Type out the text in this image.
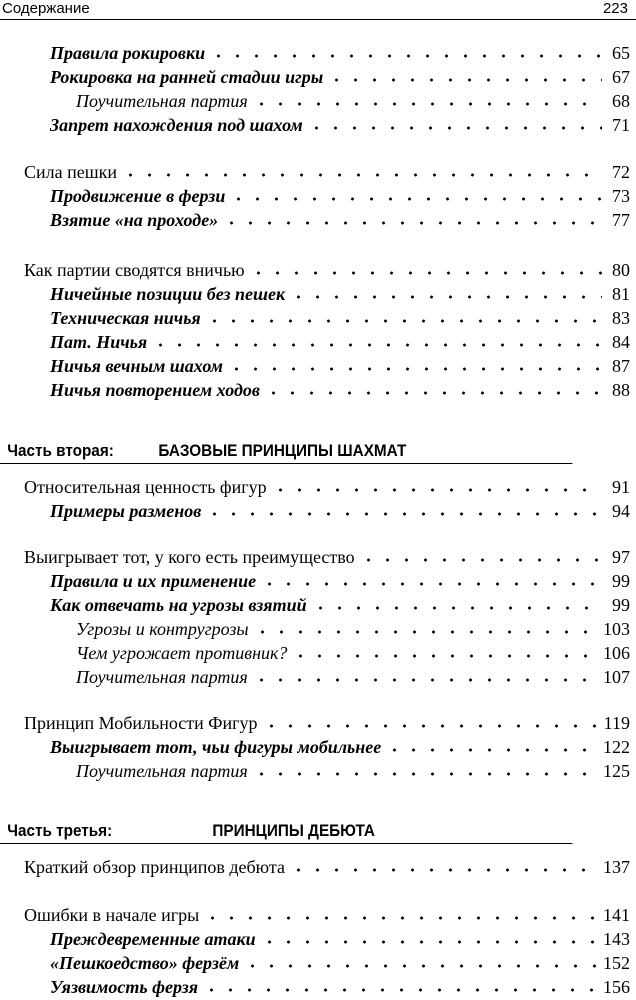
Содержание	223
Правила рокировки	65
Рокировка на ранней стадии игры	67
Поучительная партия	68
Запрет нахождения под шахом	71
Сила пешки	72
Продвижение в ферзи	73
Взятие «на проходе»	77
Как партии сводятся вничью	80
Ничейные позиции без пешек	81
Техническая ничья	83
Пат. Ничья	84
Ничья вечным шахом	87
Ничья повторением ходов	88
Часть вторая:	БАЗОВЫЕ ПРИНЦИПЫ ШАХМАТ
Относительная ценность фигур	91
Примеры разменов	94
Выигрывает тот, у кого есть преимущество	97
Правила и их применение	99
Как отвечать на угрозы взятий	99
Угрозы и контругрозы	103
Чем угрожает противник?	106
Поучительная партия	107
Принцип Мобильности Фигур	119
Выигрывает тот, чьи фигуры мобильнее	122
Поучительная партия	125
Часть третья:	ПРИНЦИПЫ ДЕБЮТА
Краткий обзор принципов дебюта	137
Ошибки в начале игры	141
Преждевременные атаки	143
«Пешкоедство» ферзём	152
Уязвимость ферзя	156
